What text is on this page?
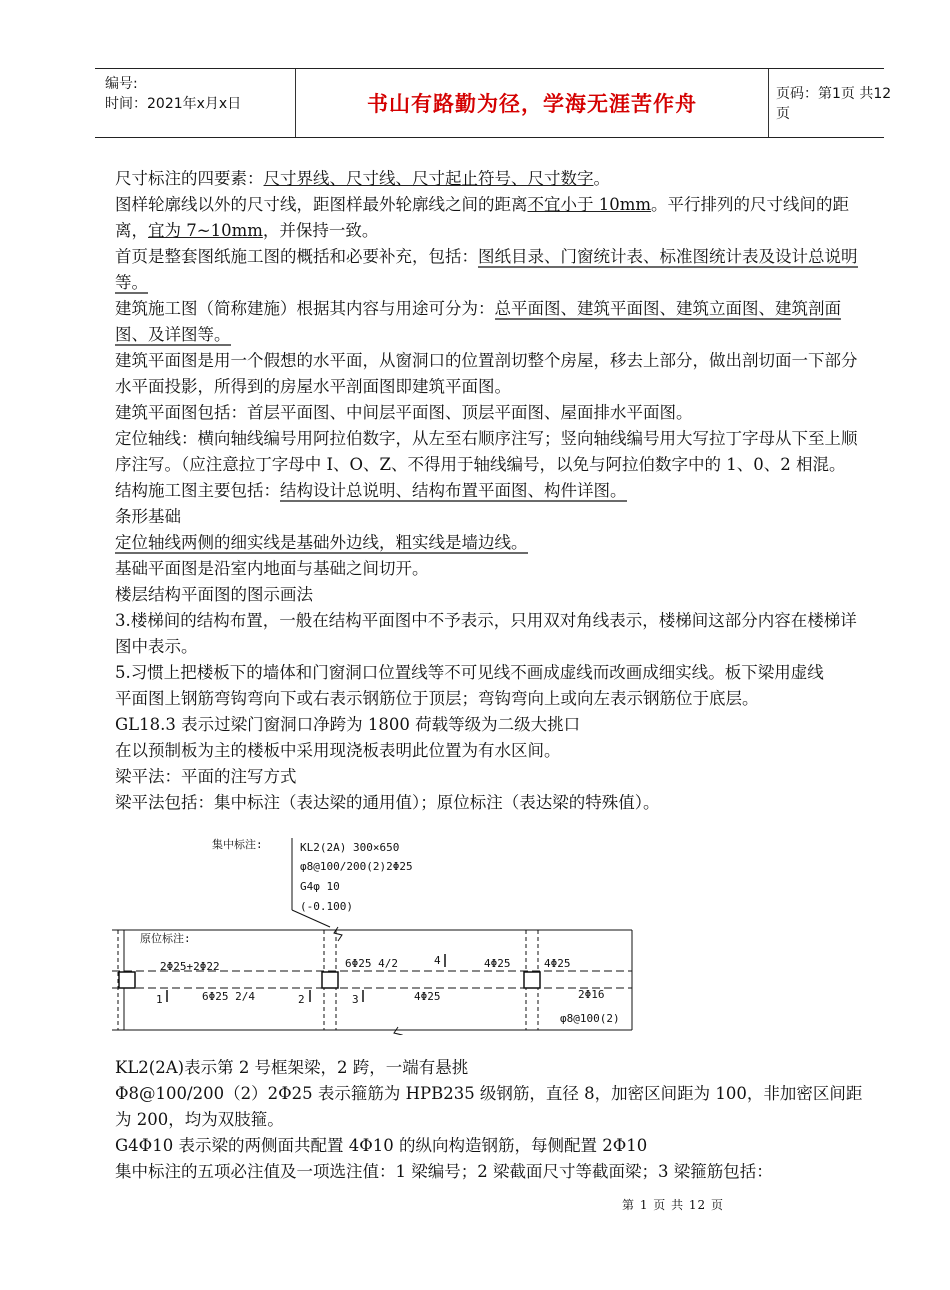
编号:
时间：2021年x月x日	书山有路勤为径，学海无涯苦作舟	页码：第1页 共12页

尺寸标注的四要素：尺寸界线、尺寸线、尺寸起止符号、尺寸数字。

图样轮廓线以外的尺寸线，距图样最外轮廓线之间的距离不宜小于 10mm。平行排列的尺寸线间的距离，宜为 7~10mm，并保持一致。

首页是整套图纸施工图的概括和必要补充，包括：图纸目录、门窗统计表、标准图统计表及设计总说明等。

建筑施工图（简称建施）根据其内容与用途可分为：总平面图、建筑平面图、建筑立面图、建筑剖面图、及详图等。

建筑平面图是用一个假想的水平面，从窗洞口的位置剖切整个房屋，移去上部分，做出剖切面一下部分水平面投影，所得到的房屋水平剖面图即建筑平面图。

建筑平面图包括：首层平面图、中间层平面图、顶层平面图、屋面排水平面图。

定位轴线：横向轴线编号用阿拉伯数字，从左至右顺序注写；竖向轴线编号用大写拉丁字母从下至上顺序注写。（应注意拉丁字母中 I、O、Z、不得用于轴线编号，以免与阿拉伯数字中的 1、0、2 相混。

结构施工图主要包括：结构设计总说明、结构布置平面图、构件详图。

条形基础

定位轴线两侧的细实线是基础外边线，粗实线是墙边线。

基础平面图是沿室内地面与基础之间切开。

楼层结构平面图的图示画法

3.楼梯间的结构布置，一般在结构平面图中不予表示，只用双对角线表示，楼梯间这部分内容在楼梯详图中表示。

5.习惯上把楼板下的墙体和门窗洞口位置线等不可见线不画成虚线而改画成细实线。板下梁用虚线

平面图上钢筋弯钩弯向下或右表示钢筋位于顶层；弯钩弯向上或向左表示钢筋位于底层。

GL18.3 表示过梁门窗洞口净跨为 1800 荷载等级为二级大挑口

在以预制板为主的楼板中采用现浇板表明此位置为有水区间。

梁平法：平面的注写方式

梁平法包括：集中标注（表达梁的通用值）；原位标注（表达梁的特殊值）。

集中标注:	KL2(2A) 300×650
φ8@100/200(2)2Φ25
G4φ 10
(-0.100)
原位标注:
2Φ25+2Φ22	6Φ25 4/2	4	4Φ25	4Φ25
1	6Φ25 2/4	2	3	4Φ25	2Φ16
φ8@100(2)

KL2(2A)表示第 2 号框架梁，2 跨，一端有悬挑

Φ8@100/200（2）2Φ25 表示箍筋为 HPB235 级钢筋，直径 8，加密区间距为 100，非加密区间距为 200，均为双肢箍。

G4Φ10 表示梁的两侧面共配置 4Φ10 的纵向构造钢筋，每侧配置 2Φ10

集中标注的五项必注值及一项选注值：1 梁编号；2 梁截面尺寸等截面梁；3 梁箍筋包括：

第 1 页 共 12 页
